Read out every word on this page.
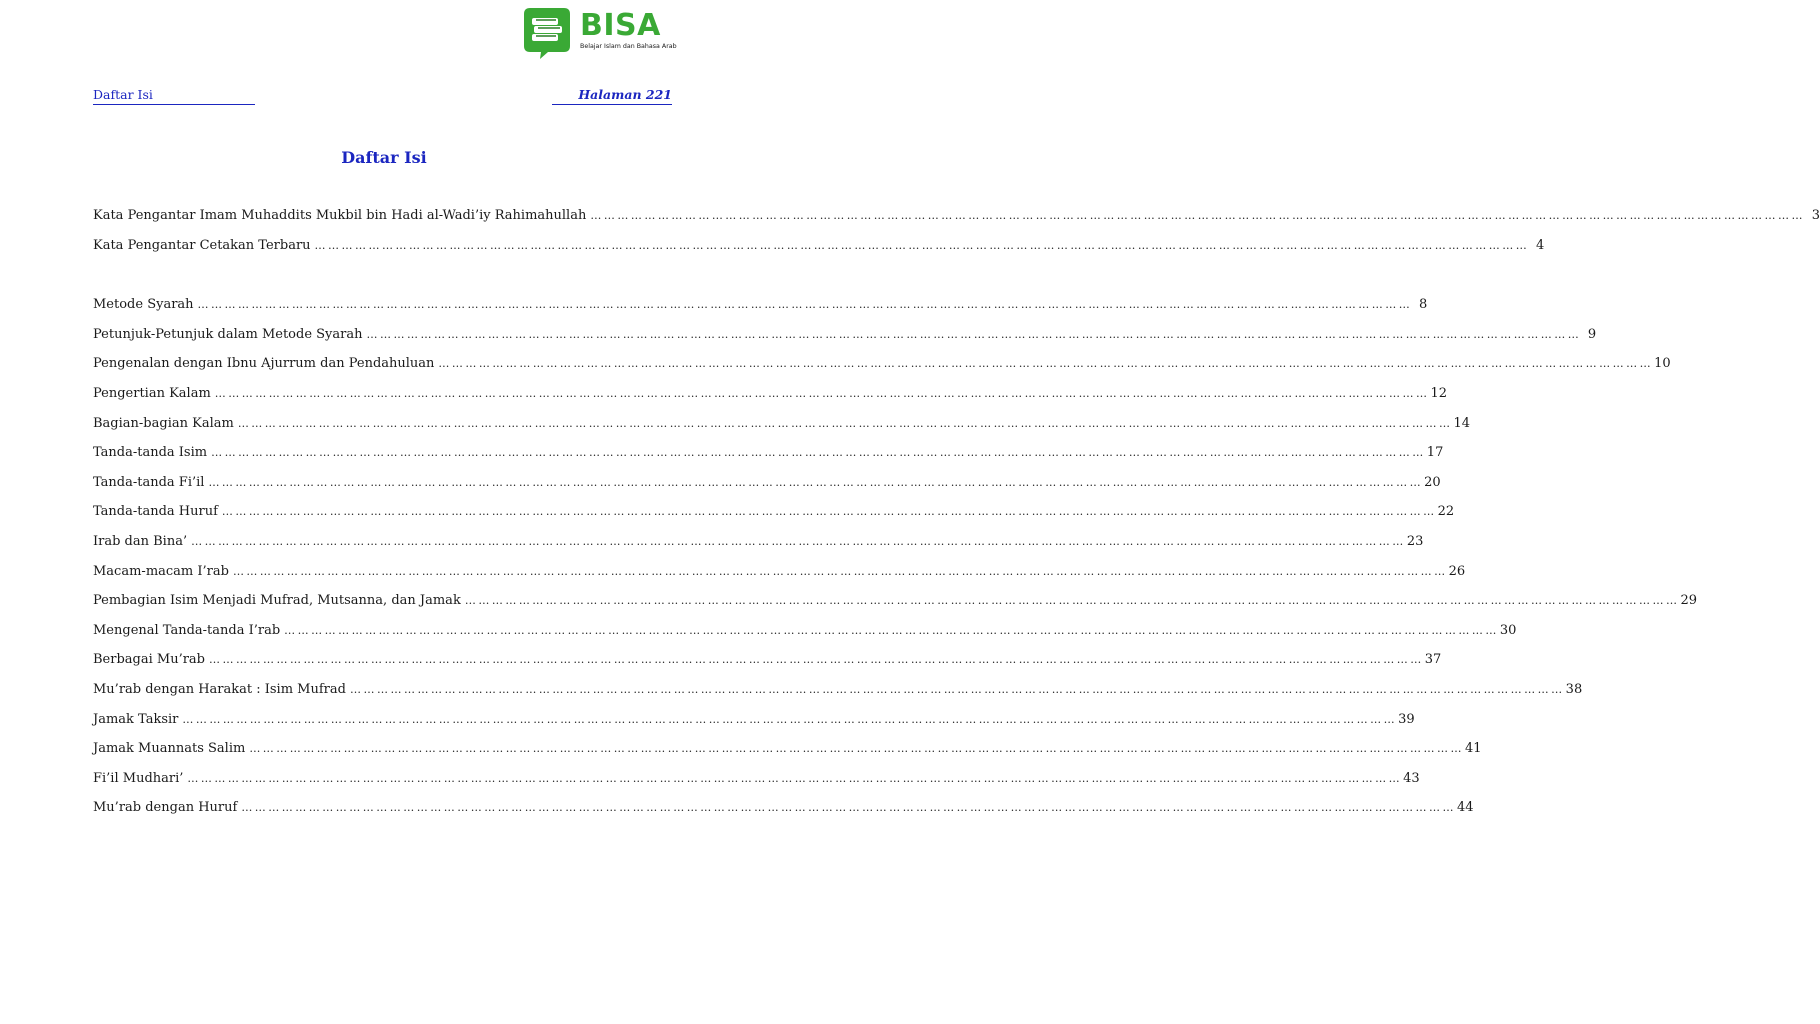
BISA
Belajar Islam dan Bahasa Arab
Daftar Isi	Halaman 221
Daftar Isi
Kata Pengantar Imam Muhaddits Mukbil bin Hadi al-Wadi’iy Rahimahullah … … … … … … … … … … … … … … … … … … … … … … … … … … … … … … … … … … … … … … … … … … … … … … … … … … … … … … … … … … … … … … … … … … … … … … … … … … … … … … … … … … … … … … … … … … 3
Kata Pengantar Cetakan Terbaru … … … … … … … … … … … … … … … … … … … … … … … … … … … … … … … … … … … … … … … … … … … … … … … … … … … … … … … … … … … … … … … … … … … … … … … … … … … … … … … … … … … … … … … … … … 4
Metode Syarah … … … … … … … … … … … … … … … … … … … … … … … … … … … … … … … … … … … … … … … … … … … … … … … … … … … … … … … … … … … … … … … … … … … … … … … … … … … … … … … … … … … … … … … … … … 8
Petunjuk-Petunjuk dalam Metode Syarah … … … … … … … … … … … … … … … … … … … … … … … … … … … … … … … … … … … … … … … … … … … … … … … … … … … … … … … … … … … … … … … … … … … … … … … … … … … … … … … … … … … … … … … … … … 9
Pengenalan dengan Ibnu Ajurrum dan Pendahuluan … … … … … … … … … … … … … … … … … … … … … … … … … … … … … … … … … … … … … … … … … … … … … … … … … … … … … … … … … … … … … … … … … … … … … … … … … … … … … … … … … … … … … … … … … … 10
Pengertian Kalam … … … … … … … … … … … … … … … … … … … … … … … … … … … … … … … … … … … … … … … … … … … … … … … … … … … … … … … … … … … … … … … … … … … … … … … … … … … … … … … … … … … … … … … … … … 12
Bagian-bagian Kalam … … … … … … … … … … … … … … … … … … … … … … … … … … … … … … … … … … … … … … … … … … … … … … … … … … … … … … … … … … … … … … … … … … … … … … … … … … … … … … … … … … … … … … … … … … 14
Tanda-tanda Isim … … … … … … … … … … … … … … … … … … … … … … … … … … … … … … … … … … … … … … … … … … … … … … … … … … … … … … … … … … … … … … … … … … … … … … … … … … … … … … … … … … … … … … … … … … 17
Tanda-tanda Fi’il … … … … … … … … … … … … … … … … … … … … … … … … … … … … … … … … … … … … … … … … … … … … … … … … … … … … … … … … … … … … … … … … … … … … … … … … … … … … … … … … … … … … … … … … … … 20
Tanda-tanda Huruf … … … … … … … … … … … … … … … … … … … … … … … … … … … … … … … … … … … … … … … … … … … … … … … … … … … … … … … … … … … … … … … … … … … … … … … … … … … … … … … … … … … … … … … … … … 22
Irab dan Bina’ … … … … … … … … … … … … … … … … … … … … … … … … … … … … … … … … … … … … … … … … … … … … … … … … … … … … … … … … … … … … … … … … … … … … … … … … … … … … … … … … … … … … … … … … … … 23
Macam-macam I’rab … … … … … … … … … … … … … … … … … … … … … … … … … … … … … … … … … … … … … … … … … … … … … … … … … … … … … … … … … … … … … … … … … … … … … … … … … … … … … … … … … … … … … … … … … … 26
Pembagian Isim Menjadi Mufrad, Mutsanna, dan Jamak … … … … … … … … … … … … … … … … … … … … … … … … … … … … … … … … … … … … … … … … … … … … … … … … … … … … … … … … … … … … … … … … … … … … … … … … … … … … … … … … … … … … … … … … … … 29
Mengenal Tanda-tanda I’rab … … … … … … … … … … … … … … … … … … … … … … … … … … … … … … … … … … … … … … … … … … … … … … … … … … … … … … … … … … … … … … … … … … … … … … … … … … … … … … … … … … … … … … … … … … 30
Berbagai Mu’rab … … … … … … … … … … … … … … … … … … … … … … … … … … … … … … … … … … … … … … … … … … … … … … … … … … … … … … … … … … … … … … … … … … … … … … … … … … … … … … … … … … … … … … … … … … 37
Mu’rab dengan Harakat : Isim Mufrad … … … … … … … … … … … … … … … … … … … … … … … … … … … … … … … … … … … … … … … … … … … … … … … … … … … … … … … … … … … … … … … … … … … … … … … … … … … … … … … … … … … … … … … … … … 38
Jamak Taksir … … … … … … … … … … … … … … … … … … … … … … … … … … … … … … … … … … … … … … … … … … … … … … … … … … … … … … … … … … … … … … … … … … … … … … … … … … … … … … … … … … … … … … … … … … 39
Jamak Muannats Salim … … … … … … … … … … … … … … … … … … … … … … … … … … … … … … … … … … … … … … … … … … … … … … … … … … … … … … … … … … … … … … … … … … … … … … … … … … … … … … … … … … … … … … … … … … 41
Fi’il Mudhari’ … … … … … … … … … … … … … … … … … … … … … … … … … … … … … … … … … … … … … … … … … … … … … … … … … … … … … … … … … … … … … … … … … … … … … … … … … … … … … … … … … … … … … … … … … … 43
Mu’rab dengan Huruf … … … … … … … … … … … … … … … … … … … … … … … … … … … … … … … … … … … … … … … … … … … … … … … … … … … … … … … … … … … … … … … … … … … … … … … … … … … … … … … … … … … … … … … … … … 44
